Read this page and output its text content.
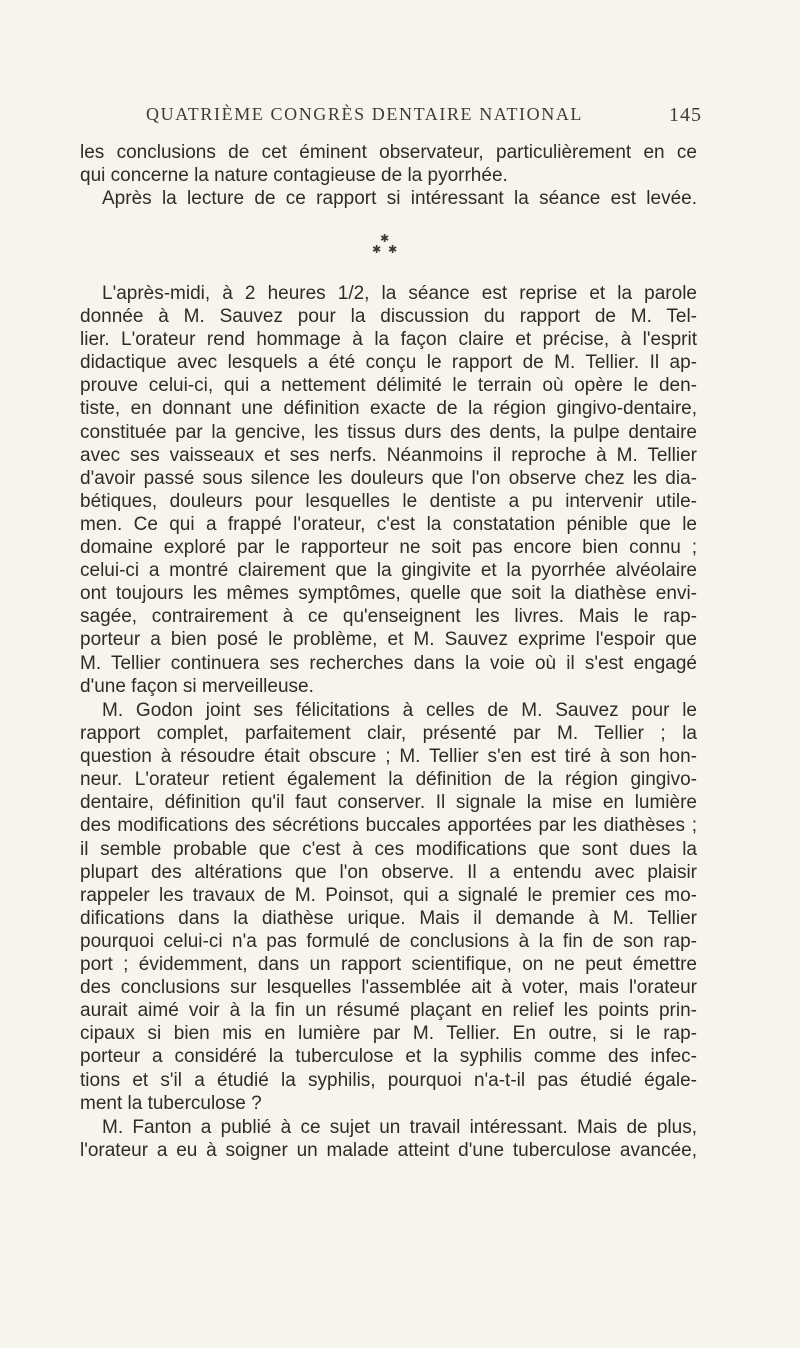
QUATRIÈME CONGRÈS DENTAIRE NATIONAL	145
les conclusions de cet éminent observateur, particulièrement en ce
qui concerne la nature contagieuse de la pyorrhée.
Après la lecture de ce rapport si intéressant la séance est levée.
✱
✱ ✱
L'après-midi, à 2 heures 1/2, la séance est reprise et la parole
donnée à M. Sauvez pour la discussion du rapport de M. Tel-
lier. L'orateur rend hommage à la façon claire et précise, à l'esprit
didactique avec lesquels a été conçu le rapport de M. Tellier. Il ap-
prouve celui-ci, qui a nettement délimité le terrain où opère le den-
tiste, en donnant une définition exacte de la région gingivo-dentaire,
constituée par la gencive, les tissus durs des dents, la pulpe dentaire
avec ses vaisseaux et ses nerfs. Néanmoins il reproche à M. Tellier
d'avoir passé sous silence les douleurs que l'on observe chez les dia-
bétiques, douleurs pour lesquelles le dentiste a pu intervenir utile-
men. Ce qui a frappé l'orateur, c'est la constatation pénible que le
domaine exploré par le rapporteur ne soit pas encore bien connu ;
celui-ci a montré clairement que la gingivite et la pyorrhée alvéolaire
ont toujours les mêmes symptômes, quelle que soit la diathèse envi-
sagée, contrairement à ce qu'enseignent les livres. Mais le rap-
porteur a bien posé le problème, et M. Sauvez exprime l'espoir que
M. Tellier continuera ses recherches dans la voie où il s'est engagé
d'une façon si merveilleuse.
M. Godon joint ses félicitations à celles de M. Sauvez pour le
rapport complet, parfaitement clair, présenté par M. Tellier ; la
question à résoudre était obscure ; M. Tellier s'en est tiré à son hon-
neur. L'orateur retient également la définition de la région gingivo-
dentaire, définition qu'il faut conserver. Il signale la mise en lumière
des modifications des sécrétions buccales apportées par les diathèses ;
il semble probable que c'est à ces modifications que sont dues la
plupart des altérations que l'on observe. Il a entendu avec plaisir
rappeler les travaux de M. Poinsot, qui a signalé le premier ces mo-
difications dans la diathèse urique. Mais il demande à M. Tellier
pourquoi celui-ci n'a pas formulé de conclusions à la fin de son rap-
port ; évidemment, dans un rapport scientifique, on ne peut émettre
des conclusions sur lesquelles l'assemblée ait à voter, mais l'orateur
aurait aimé voir à la fin un résumé plaçant en relief les points prin-
cipaux si bien mis en lumière par M. Tellier. En outre, si le rap-
porteur a considéré la tuberculose et la syphilis comme des infec-
tions et s'il a étudié la syphilis, pourquoi n'a-t-il pas étudié égale-
ment la tuberculose ?
M. Fanton a publié à ce sujet un travail intéressant. Mais de plus,
l'orateur a eu à soigner un malade atteint d'une tuberculose avancée,
